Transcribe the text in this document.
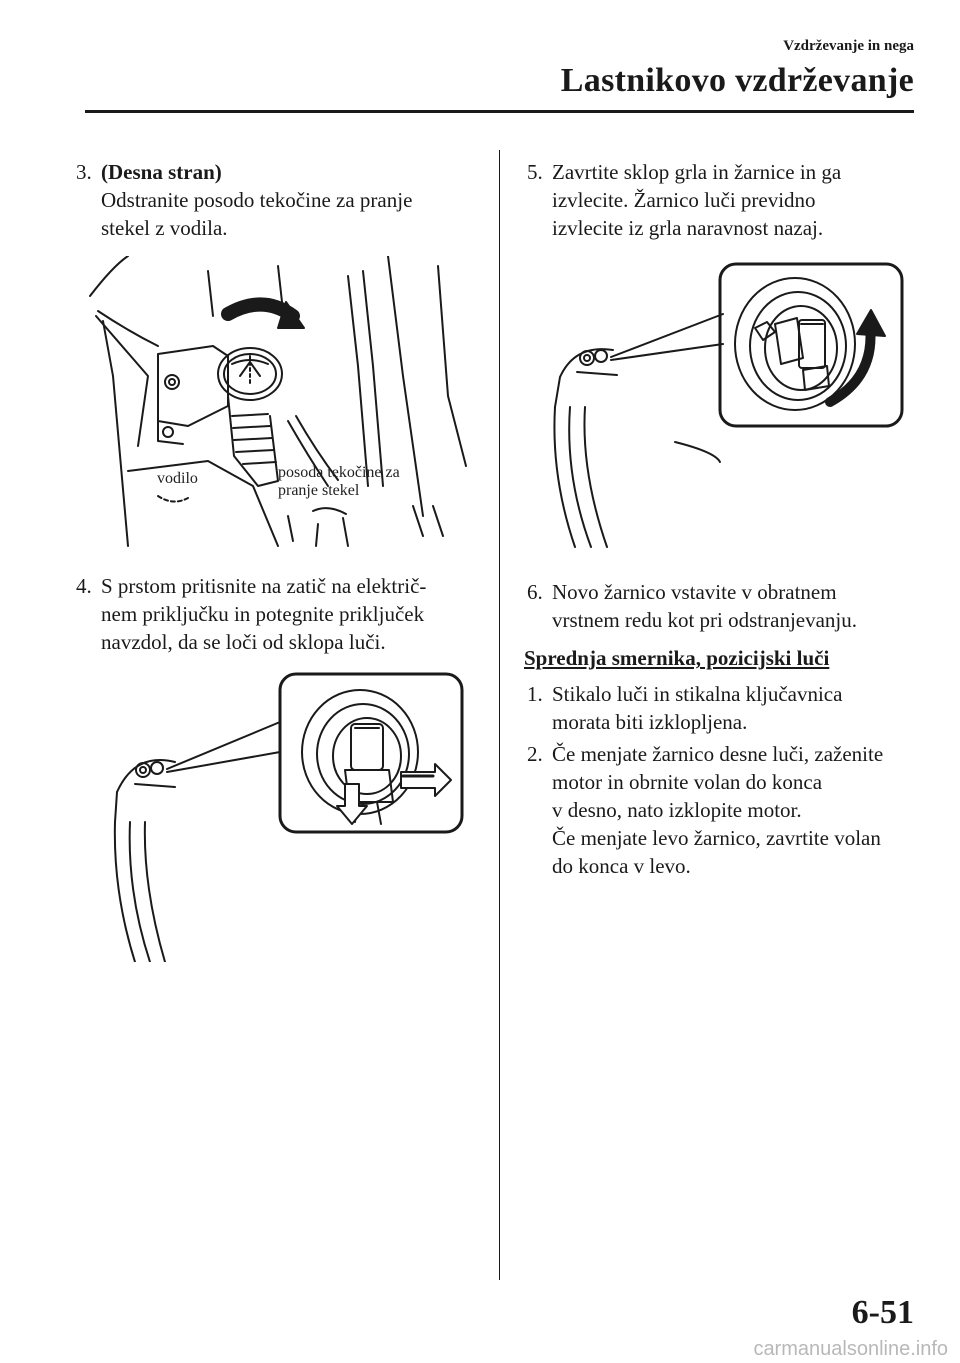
Vzdrževanje in nega
Lastnikovo vzdrževanje
3. (Desna stran)
Odstranite posodo tekočine za pranje
stekel z vodila.
vodilo	posoda tekočine za
pranje stekel
4. S prstom pritisnite na zatič na električ-
nem priključku in potegnite priključek
navzdol, da se loči od sklopa luči.
5. Zavrtite sklop grla in žarnice in ga
izvlecite. Žarnico luči previdno
izvlecite iz grla naravnost nazaj.
6. Novo žarnico vstavite v obratnem
vrstnem redu kot pri odstranjevanju.
Sprednja smernika, pozicijski luči
1. Stikalo luči in stikalna ključavnica
morata biti izklopljena.
2. Če menjate žarnico desne luči, zaženite
motor in obrnite volan do konca
v desno, nato izklopite motor.
Če menjate levo žarnico, zavrtite volan
do konca v levo.
6-51
carmanualsonline.info
